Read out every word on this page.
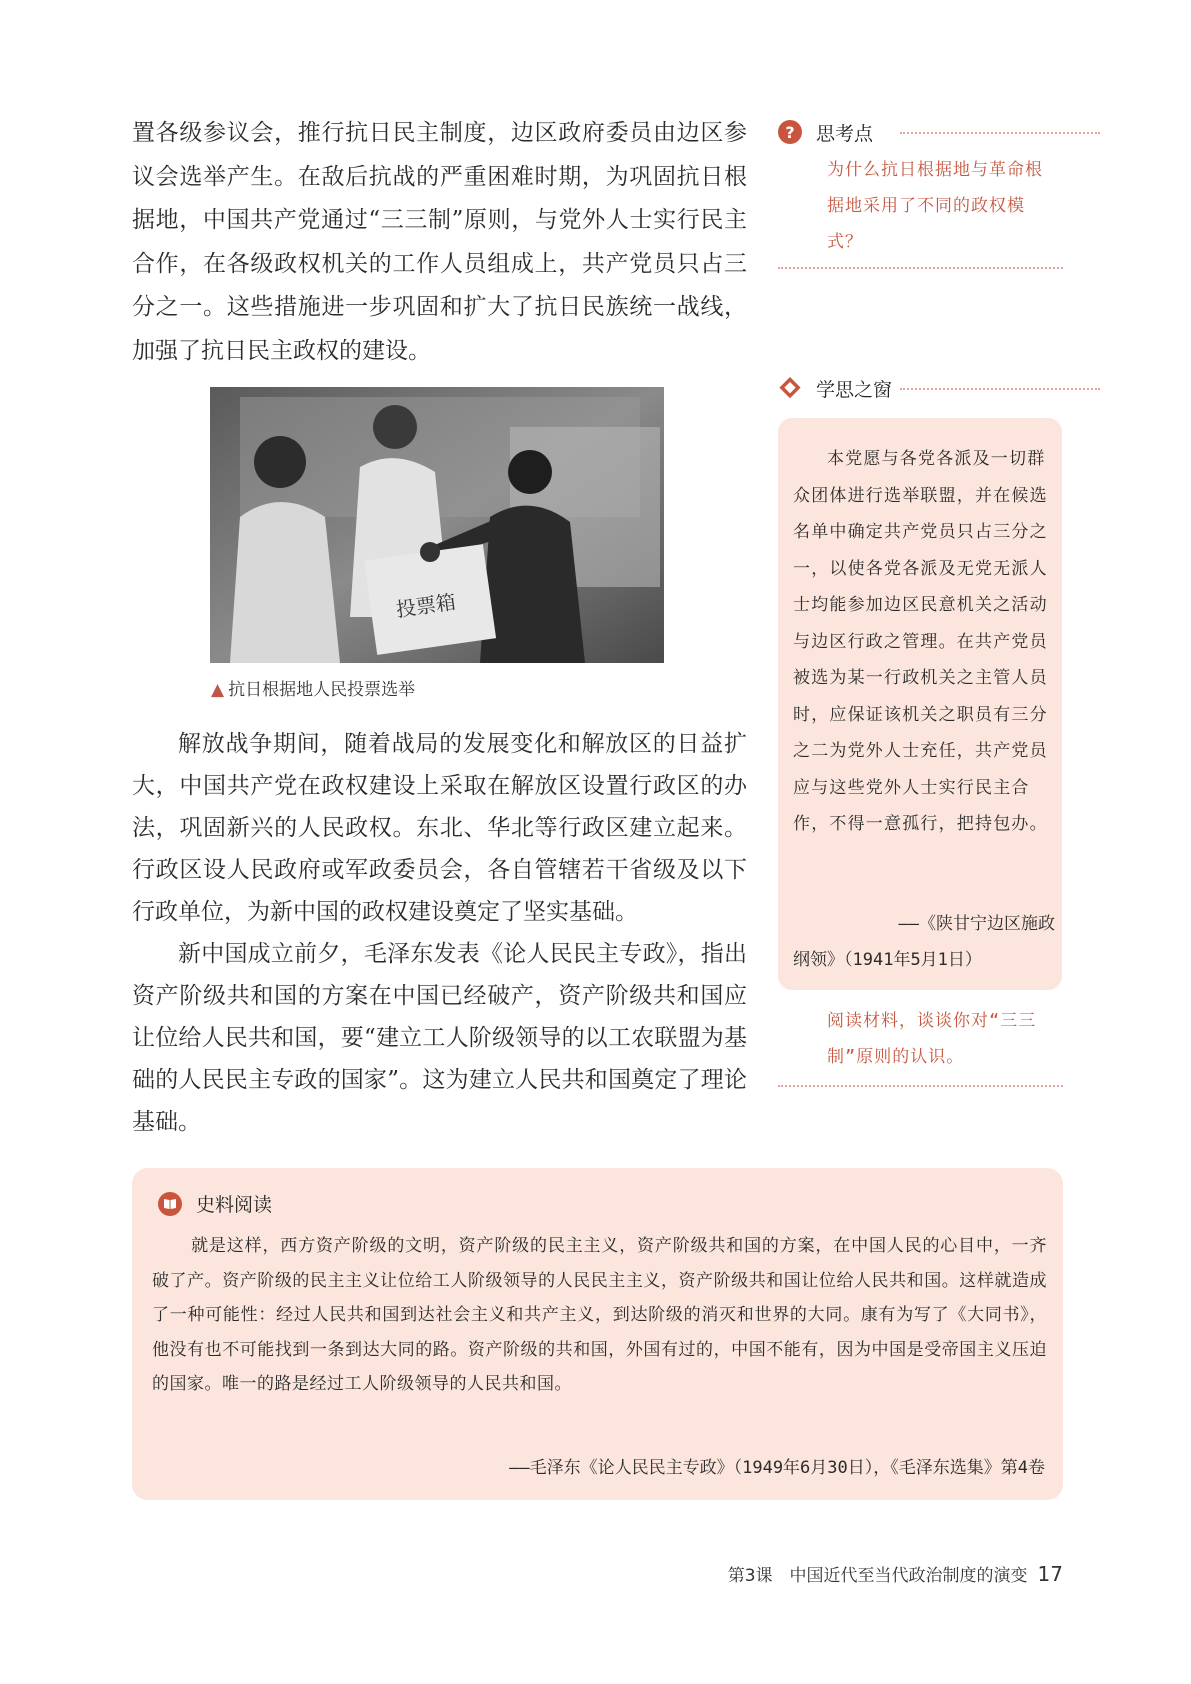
置各级参议会，推行抗日民主制度，边区政府委员由边区参议会选举产生。在敌后抗战的严重困难时期，为巩固抗日根据地，中国共产党通过“三三制”原则，与党外人士实行民主合作，在各级政权机关的工作人员组成上，共产党员只占三分之一。这些措施进一步巩固和扩大了抗日民族统一战线，加强了抗日民主政权的建设。

投票箱
▲ 抗日根据地人民投票选举

解放战争期间，随着战局的发展变化和解放区的日益扩大，中国共产党在政权建设上采取在解放区设置行政区的办法，巩固新兴的人民政权。东北、华北等行政区建立起来。行政区设人民政府或军政委员会，各自管辖若干省级及以下行政单位，为新中国的政权建设奠定了坚实基础。

新中国成立前夕，毛泽东发表《论人民民主专政》，指出资产阶级共和国的方案在中国已经破产，资产阶级共和国应让位给人民共和国，要“建立工人阶级领导的以工农联盟为基础的人民民主专政的国家”。这为建立人民共和国奠定了理论基础。

?	思考点
为什么抗日根据地与革命根据地采用了不同的政权模式？
学思之窗
本党愿与各党各派及一切群众团体进行选举联盟，并在候选名单中确定共产党员只占三分之一，以使各党各派及无党无派人士均能参加边区民意机关之活动与边区行政之管理。在共产党员被选为某一行政机关之主管人员时，应保证该机关之职员有三分之二为党外人士充任，共产党员应与这些党外人士实行民主合作，不得一意孤行，把持包办。
——《陕甘宁边区施政
纲领》（1941年5月1日）
阅读材料，谈谈你对“三三制”原则的认识。
史料阅读
就是这样，西方资产阶级的文明，资产阶级的民主主义，资产阶级共和国的方案，在中国人民的心目中，一齐破了产。资产阶级的民主主义让位给工人阶级领导的人民民主主义，资产阶级共和国让位给人民共和国。这样就造成了一种可能性：经过人民共和国到达社会主义和共产主义，到达阶级的消灭和世界的大同。康有为写了《大同书》，他没有也不可能找到一条到达大同的路。资产阶级的共和国，外国有过的，中国不能有，因为中国是受帝国主义压迫的国家。唯一的路是经过工人阶级领导的人民共和国。
——毛泽东《论人民民主专政》（1949年6月30日），《毛泽东选集》第4卷
第3课　中国近代至当代政治制度的演变 17
